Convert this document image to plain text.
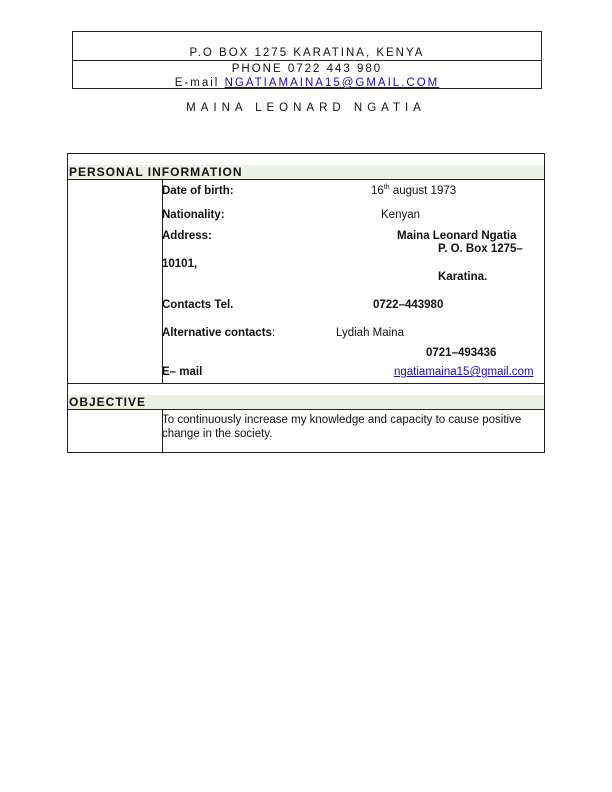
P.O BOX 1275 KARATINA, KENYA
PHONE 0722 443 980
E-mail NGATIAMAINA15@GMAIL.COM
MAINA LEONARD NGATIA
PERSONAL INFORMATION
Date of birth:	16th august 1973
Nationality:	Kenyan
Address:	Maina Leonard Ngatia
P. O. Box 1275–
10101,
Karatina.
Contacts Tel.	0722–443980
Alternative contacts:	Lydiah Maina
0721–493436
E– mail	ngatiamaina15@gmail.com
OBJECTIVE
To continuously increase my knowledge and capacity to cause positive
change in the society.
